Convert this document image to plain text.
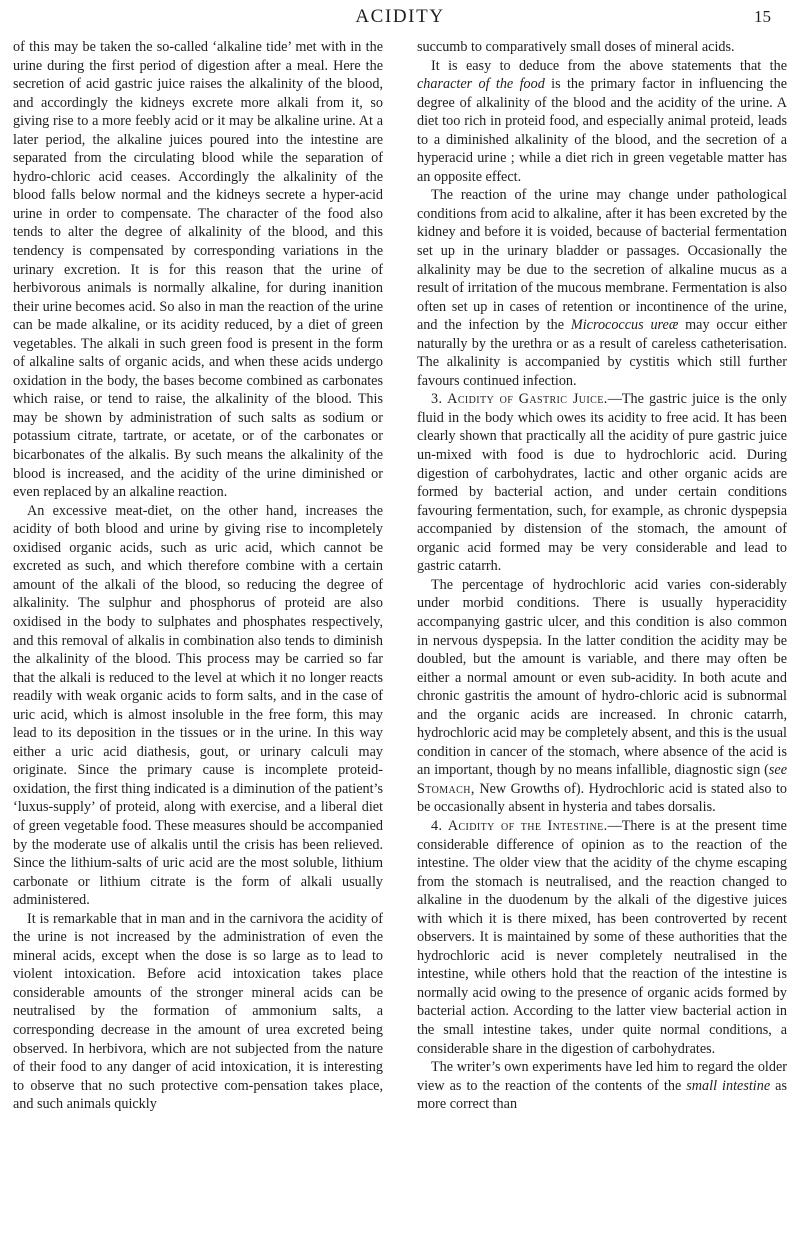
ACIDITY	15

of this may be taken the so-called ‘alkaline tide’ met with in the urine during the first period of digestion after a meal. Here the secretion of acid gastric juice raises the alkalinity of the blood, and accordingly the kidneys excrete more alkali from it, so giving rise to a more feebly acid or it may be alkaline urine. At a later period, the alkaline juices poured into the intestine are separated from the circulating blood while the separation of hydro-chloric acid ceases. Accordingly the alkalinity of the blood falls below normal and the kidneys secrete a hyper-acid urine in order to compensate. The character of the food also tends to alter the degree of alkalinity of the blood, and this tendency is compensated by corresponding variations in the urinary excretion. It is for this reason that the urine of herbivorous animals is normally alkaline, for during inanition their urine becomes acid. So also in man the reaction of the urine can be made alkaline, or its acidity reduced, by a diet of green vegetables. The alkali in such green food is present in the form of alkaline salts of organic acids, and when these acids undergo oxidation in the body, the bases become combined as carbonates which raise, or tend to raise, the alkalinity of the blood. This may be shown by administration of such salts as sodium or potassium citrate, tartrate, or acetate, or of the carbonates or bicarbonates of the alkalis. By such means the alkalinity of the blood is increased, and the acidity of the urine diminished or even replaced by an alkaline reaction.

An excessive meat-diet, on the other hand, increases the acidity of both blood and urine by giving rise to incompletely oxidised organic acids, such as uric acid, which cannot be excreted as such, and which therefore combine with a certain amount of the alkali of the blood, so reducing the degree of alkalinity. The sulphur and phosphorus of proteid are also oxidised in the body to sulphates and phosphates respectively, and this removal of alkalis in combination also tends to diminish the alkalinity of the blood. This process may be carried so far that the alkali is reduced to the level at which it no longer reacts readily with weak organic acids to form salts, and in the case of uric acid, which is almost insoluble in the free form, this may lead to its deposition in the tissues or in the urine. In this way either a uric acid diathesis, gout, or urinary calculi may originate. Since the primary cause is incomplete proteid-oxidation, the first thing indicated is a diminution of the patient’s ‘luxus-supply’ of proteid, along with exercise, and a liberal diet of green vegetable food. These measures should be accompanied by the moderate use of alkalis until the crisis has been relieved. Since the lithium-salts of uric acid are the most soluble, lithium carbonate or lithium citrate is the form of alkali usually administered.

It is remarkable that in man and in the carnivora the acidity of the urine is not increased by the administration of even the mineral acids, except when the dose is so large as to lead to violent intoxication. Before acid intoxication takes place considerable amounts of the stronger mineral acids can be neutralised by the formation of ammonium salts, a corresponding decrease in the amount of urea excreted being observed. In herbivora, which are not subjected from the nature of their food to any danger of acid intoxication, it is interesting to observe that no such protective com-pensation takes place, and such animals quickly

succumb to comparatively small doses of mineral acids.

It is easy to deduce from the above statements that the character of the food is the primary factor in influencing the degree of alkalinity of the blood and the acidity of the urine. A diet too rich in proteid food, and especially animal proteid, leads to a diminished alkalinity of the blood, and the secretion of a hyperacid urine ; while a diet rich in green vegetable matter has an opposite effect.

The reaction of the urine may change under pathological conditions from acid to alkaline, after it has been excreted by the kidney and before it is voided, because of bacterial fermentation set up in the urinary bladder or passages. Occasionally the alkalinity may be due to the secretion of alkaline mucus as a result of irritation of the mucous membrane. Fermentation is also often set up in cases of retention or incontinence of the urine, and the infection by the Micrococcus ureæ may occur either naturally by the urethra or as a result of careless catheterisation. The alkalinity is accompanied by cystitis which still further favours continued infection.

3. Acidity of Gastric Juice.—The gastric juice is the only fluid in the body which owes its acidity to free acid. It has been clearly shown that practically all the acidity of pure gastric juice un-mixed with food is due to hydrochloric acid. During digestion of carbohydrates, lactic and other organic acids are formed by bacterial action, and under certain conditions favouring fermentation, such, for example, as chronic dyspepsia accompanied by distension of the stomach, the amount of organic acid formed may be very considerable and lead to gastric catarrh.

The percentage of hydrochloric acid varies con-siderably under morbid conditions. There is usually hyperacidity accompanying gastric ulcer, and this condition is also common in nervous dyspepsia. In the latter condition the acidity may be doubled, but the amount is variable, and there may often be either a normal amount or even sub-acidity. In both acute and chronic gastritis the amount of hydro-chloric acid is subnormal and the organic acids are increased. In chronic catarrh, hydrochloric acid may be completely absent, and this is the usual condition in cancer of the stomach, where absence of the acid is an important, though by no means infallible, diagnostic sign (see Stomach, New Growths of). Hydrochloric acid is stated also to be occasionally absent in hysteria and tabes dorsalis.

4. Acidity of the Intestine.—There is at the present time considerable difference of opinion as to the reaction of the intestine. The older view that the acidity of the chyme escaping from the stomach is neutralised, and the reaction changed to alkaline in the duodenum by the alkali of the digestive juices with which it is there mixed, has been controverted by recent observers. It is maintained by some of these authorities that the hydrochloric acid is never completely neutralised in the intestine, while others hold that the reaction of the intestine is normally acid owing to the presence of organic acids formed by bacterial action. According to the latter view bacterial action in the small intestine takes, under quite normal conditions, a considerable share in the digestion of carbohydrates.

The writer’s own experiments have led him to regard the older view as to the reaction of the contents of the small intestine as more correct than
